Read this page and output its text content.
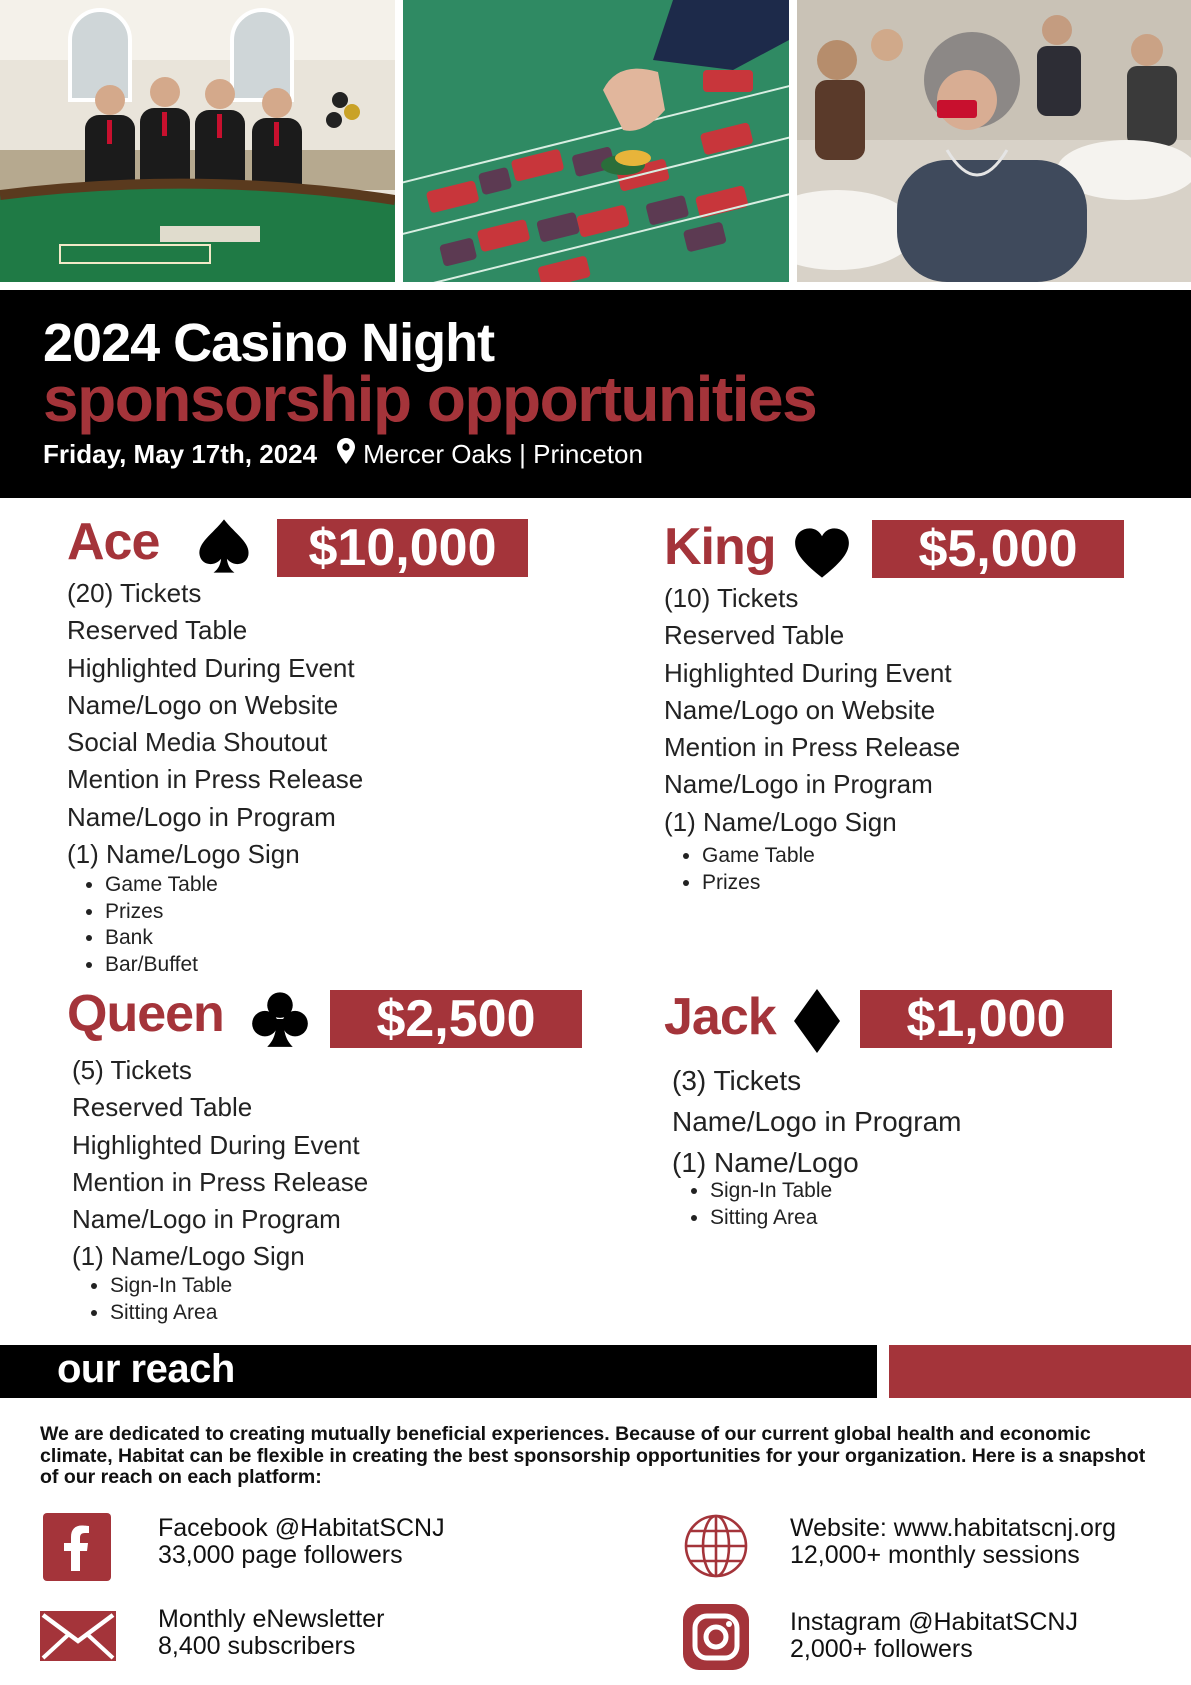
2024 Casino Night
sponsorship opportunities
Friday, May 17th, 2024 Mercer Oaks | Princeton
Ace	$10,000
(20) Tickets
Reserved Table
Highlighted During Event
Name/Logo on Website
Social Media Shoutout
Mention in Press Release
Name/Logo in Program
(1) Name/Logo Sign
• Game Table
• Prizes
• Bank
• Bar/Buffet
King	$5,000
(10) Tickets
Reserved Table
Highlighted During Event
Name/Logo on Website
Mention in Press Release
Name/Logo in Program
(1) Name/Logo Sign
• Game Table
• Prizes
Queen	$2,500
(5) Tickets
Reserved Table
Highlighted During Event
Mention in Press Release
Name/Logo in Program
(1) Name/Logo Sign
• Sign-In Table
• Sitting Area
Jack	$1,000
(3) Tickets
Name/Logo in Program
(1) Name/Logo
• Sign-In Table
• Sitting Area
our reach
We are dedicated to creating mutually beneficial experiences. Because of our current global health and economic climate, Habitat can be flexible in creating the best sponsorship opportunities for your organization. Here is a snapshot of our reach on each platform:
Facebook @HabitatSCNJ
33,000 page followers
Website: www.habitatscnj.org
12,000+ monthly sessions
Monthly eNewsletter
8,400 subscribers
Instagram @HabitatSCNJ
2,000+ followers
